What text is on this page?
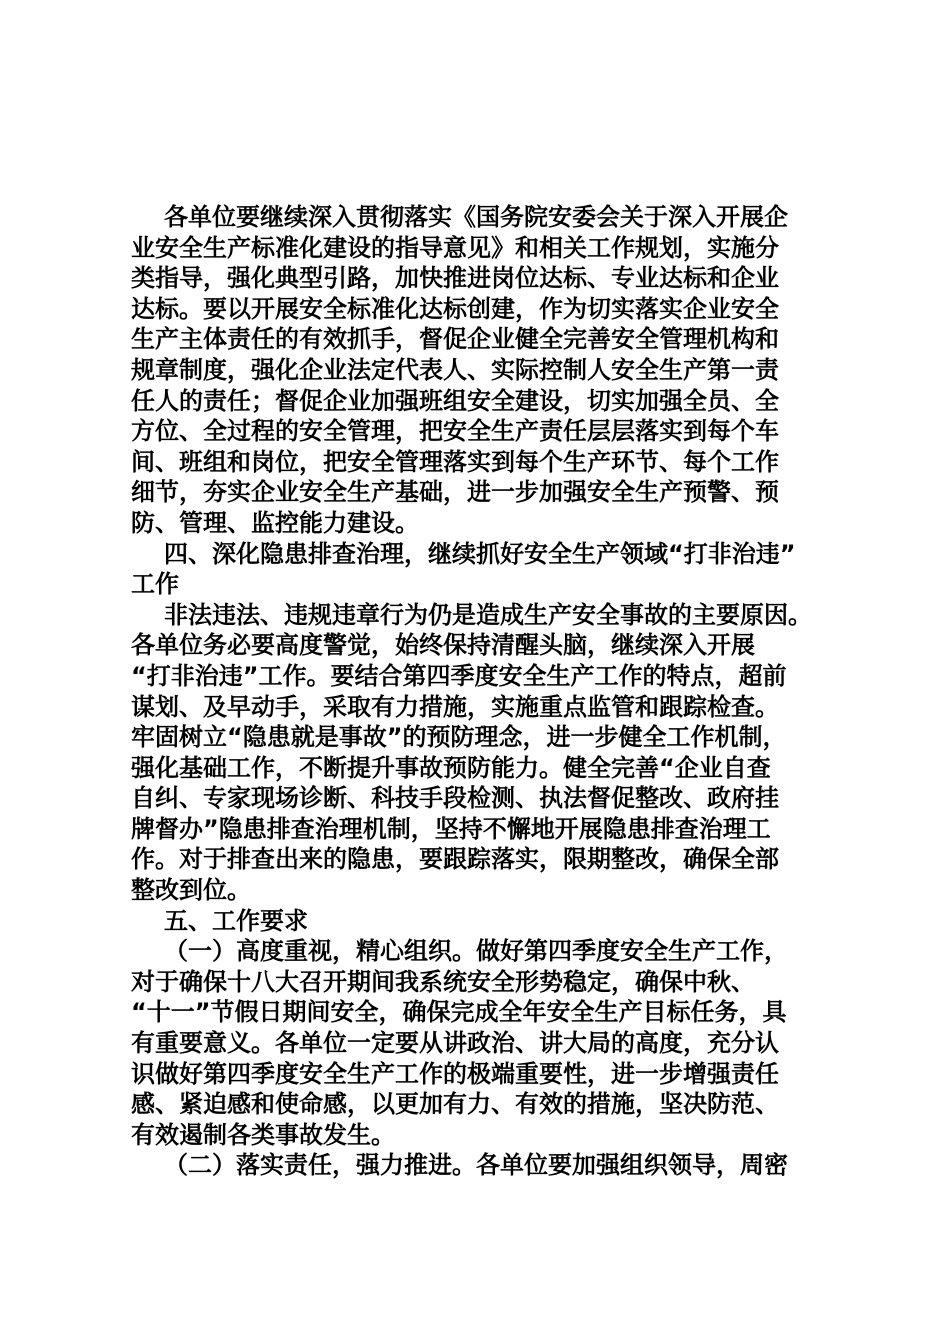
各单位要继续深入贯彻落实《国务院安委会关于深入开展企
业安全生产标准化建设的指导意见》和相关工作规划，实施分
类指导，强化典型引路，加快推进岗位达标、专业达标和企业
达标。要以开展安全标准化达标创建，作为切实落实企业安全
生产主体责任的有效抓手，督促企业健全完善安全管理机构和
规章制度，强化企业法定代表人、实际控制人安全生产第一责
任人的责任；督促企业加强班组安全建设，切实加强全员、全
方位、全过程的安全管理，把安全生产责任层层落实到每个车
间、班组和岗位，把安全管理落实到每个生产环节、每个工作
细节，夯实企业安全生产基础，进一步加强安全生产预警、预
防、管理、监控能力建设。
四、深化隐患排查治理，继续抓好安全生产领域“打非治违”
工作
非法违法、违规违章行为仍是造成生产安全事故的主要原因。
各单位务必要高度警觉，始终保持清醒头脑，继续深入开展
“打非治违”工作。要结合第四季度安全生产工作的特点，超前
谋划、及早动手，采取有力措施，实施重点监管和跟踪检查。
牢固树立“隐患就是事故”的预防理念，进一步健全工作机制，
强化基础工作，不断提升事故预防能力。健全完善“企业自查
自纠、专家现场诊断、科技手段检测、执法督促整改、政府挂
牌督办”隐患排查治理机制，坚持不懈地开展隐患排查治理工
作。对于排查出来的隐患，要跟踪落实，限期整改，确保全部
整改到位。
五、工作要求
（一）高度重视，精心组织。做好第四季度安全生产工作，
对于确保十八大召开期间我系统安全形势稳定，确保中秋、
“十一”节假日期间安全，确保完成全年安全生产目标任务，具
有重要意义。各单位一定要从讲政治、讲大局的高度，充分认
识做好第四季度安全生产工作的极端重要性，进一步增强责任
感、紧迫感和使命感，以更加有力、有效的措施，坚决防范、
有效遏制各类事故发生。
（二）落实责任，强力推进。各单位要加强组织领导，周密
